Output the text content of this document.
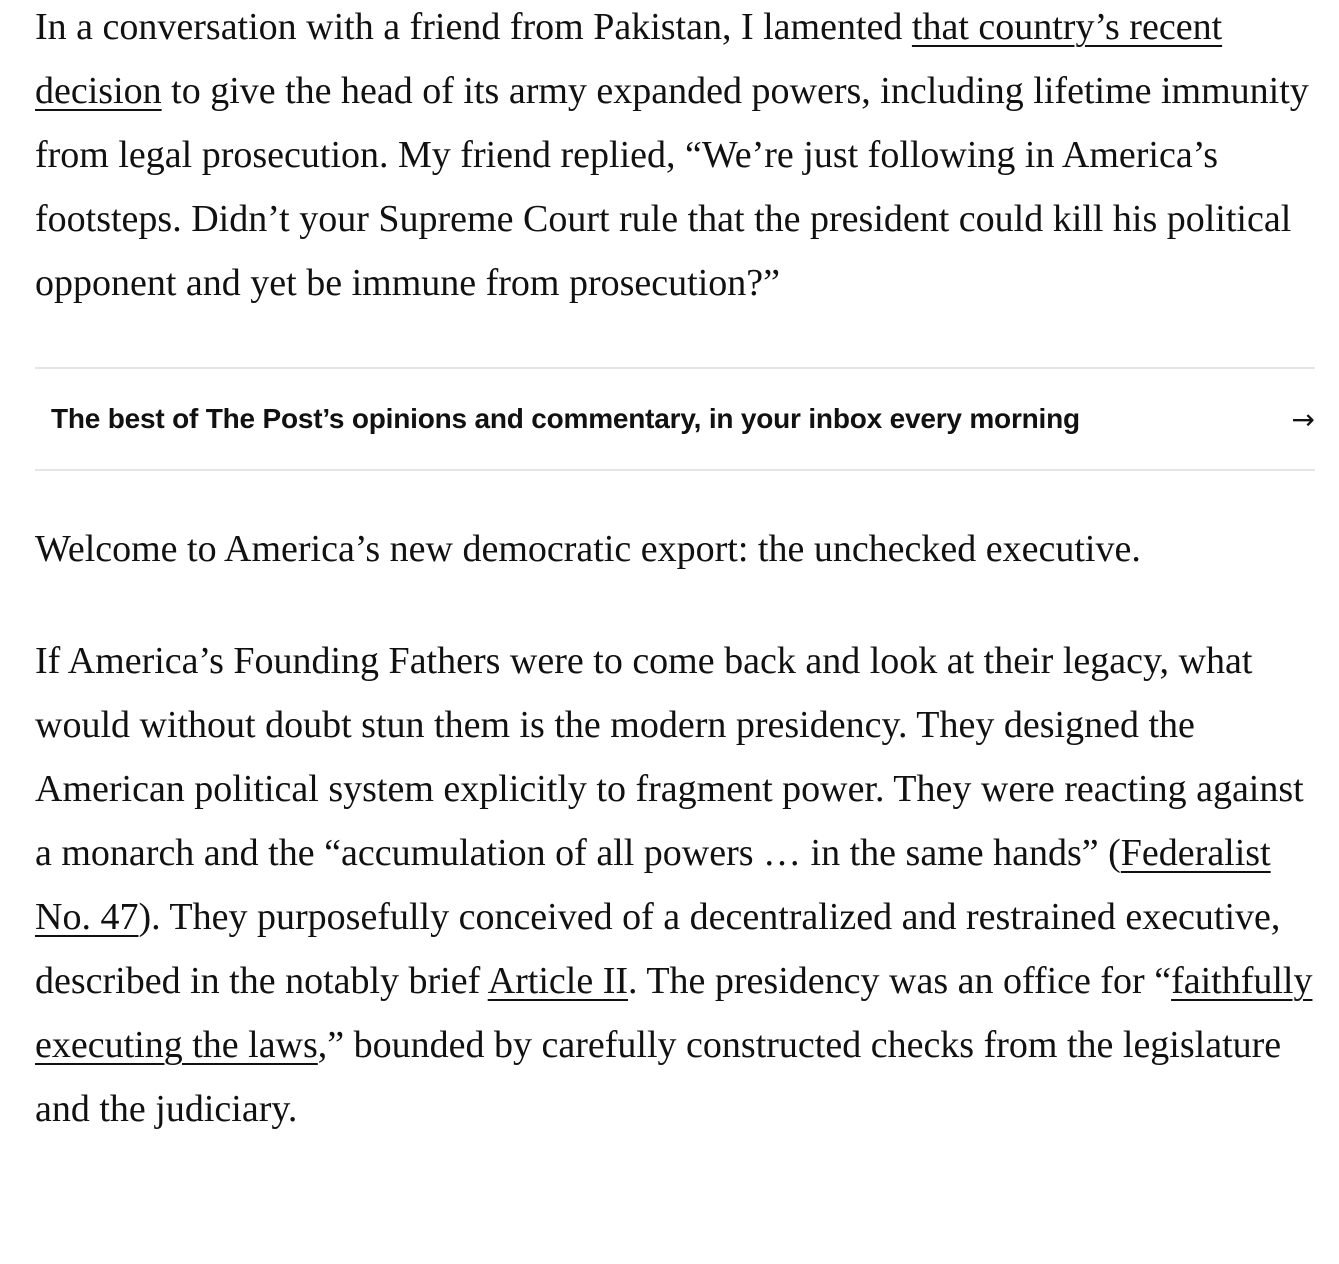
In a conversation with a friend from Pakistan, I lamented that country’s recent decision to give the head of its army expanded powers, including lifetime immunity from legal prosecution. My friend replied, “We’re just following in America’s footsteps. Didn’t your Supreme Court rule that the president could kill his political opponent and yet be immune from prosecution?”

The best of The Post’s opinions and commentary, in your inbox every morning	→

Welcome to America’s new democratic export: the unchecked executive.

If America’s Founding Fathers were to come back and look at their legacy, what would without doubt stun them is the modern presidency. They designed the American political system explicitly to fragment power. They were reacting against a monarch and the “accumulation of all powers … in the same hands” (Federalist No. 47). They purposefully conceived of a decentralized and restrained executive, described in the notably brief Article II. The presidency was an office for “faithfully executing the laws,” bounded by carefully constructed checks from the legislature and the judiciary.
